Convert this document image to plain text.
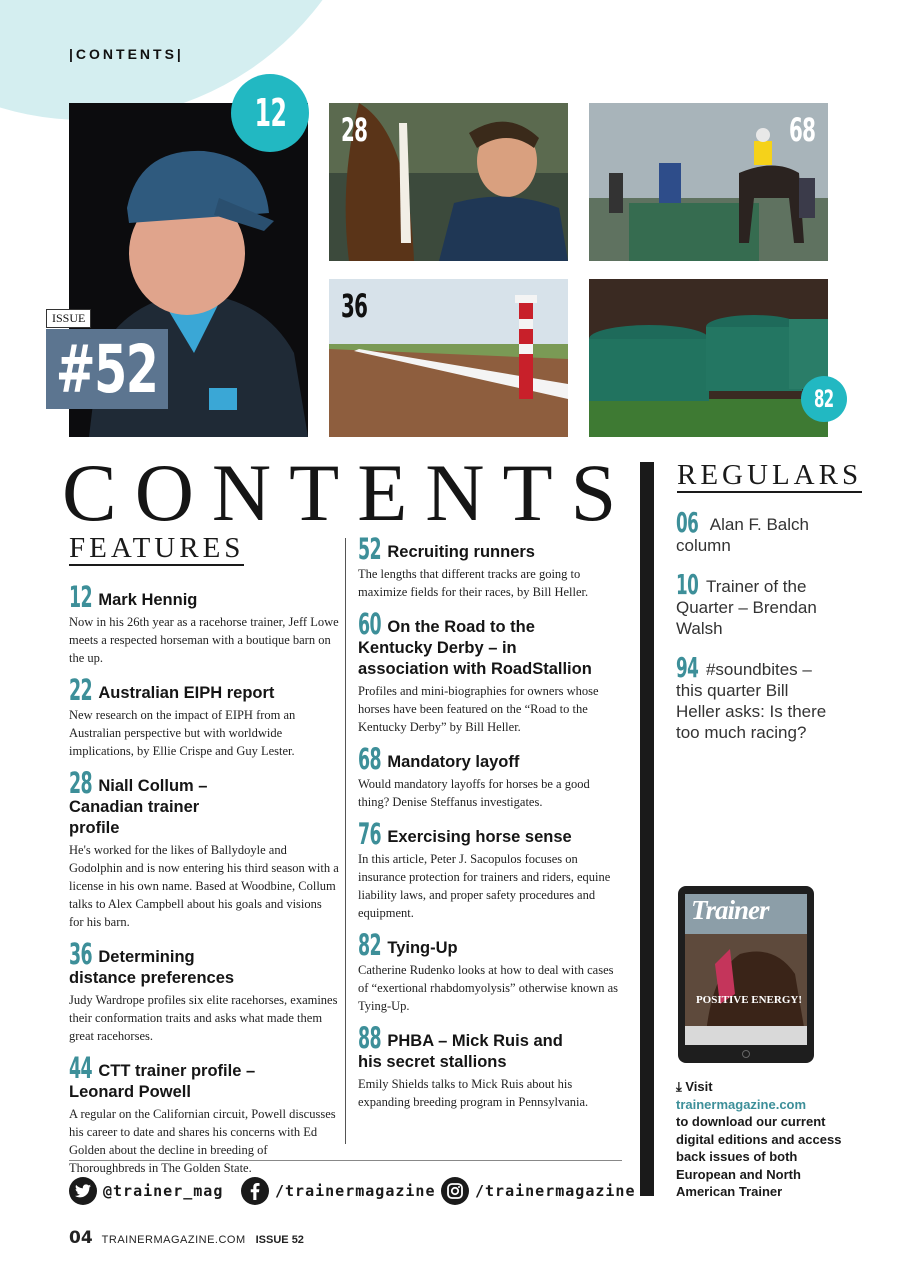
|CONTENTS|
12
ISSUE
#52
28	68
36
82
CONTENTS
FEATURES
REGULARS
12 Mark Hennig
Now in his 26th year as a racehorse trainer, Jeff Lowe meets a respected horseman with a boutique barn on the up.
22 Australian EIPH report
New research on the impact of EIPH from an Australian perspective but with worldwide implications, by Ellie Crispe and Guy Lester.
28 Niall Collum – Canadian trainer profile
He's worked for the likes of Ballydoyle and Godolphin and is now entering his third season with a license in his own name. Based at Woodbine, Collum talks to Alex Campbell about his goals and visions for his barn.
36 Determining distance preferences
Judy Wardrope profiles six elite racehorses, examines their conformation traits and asks what made them great racehorses.
44 CTT trainer profile – Leonard Powell
A regular on the Californian circuit, Powell discusses his career to date and shares his concerns with Ed Golden about the decline in breeding of Thoroughbreds in The Golden State.
52 Recruiting runners
The lengths that different tracks are going to maximize fields for their races, by Bill Heller.
60 On the Road to the Kentucky Derby – in association with RoadStallion
Profiles and mini-biographies for owners whose horses have been featured on the “Road to the Kentucky Derby” by Bill Heller.
68 Mandatory layoff
Would mandatory layoffs for horses be a good thing? Denise Steffanus investigates.
76 Exercising horse sense
In this article, Peter J. Sacopulos focuses on insurance protection for trainers and riders, equine liability laws, and proper safety procedures and equipment.
82 Tying-Up
Catherine Rudenko looks at how to deal with cases of “exertional rhabdomyolysis” otherwise known as Tying-Up.
88 PHBA – Mick Ruis and his secret stallions
Emily Shields talks to Mick Ruis about his expanding breeding program in Pennsylvania.
06 Alan F. Balch column
10 Trainer of the Quarter – Brendan Walsh
94 #soundbites – this quarter Bill Heller asks: Is there too much racing?
Trainer
POSITIVE ENERGY!
⤓ Visit
trainermagazine.com
to download our current digital editions and access back issues of both European and North American Trainer
@trainer_mag	/trainermagazine	/trainermagazine
04 TRAINERMAGAZINE.COM ISSUE 52
